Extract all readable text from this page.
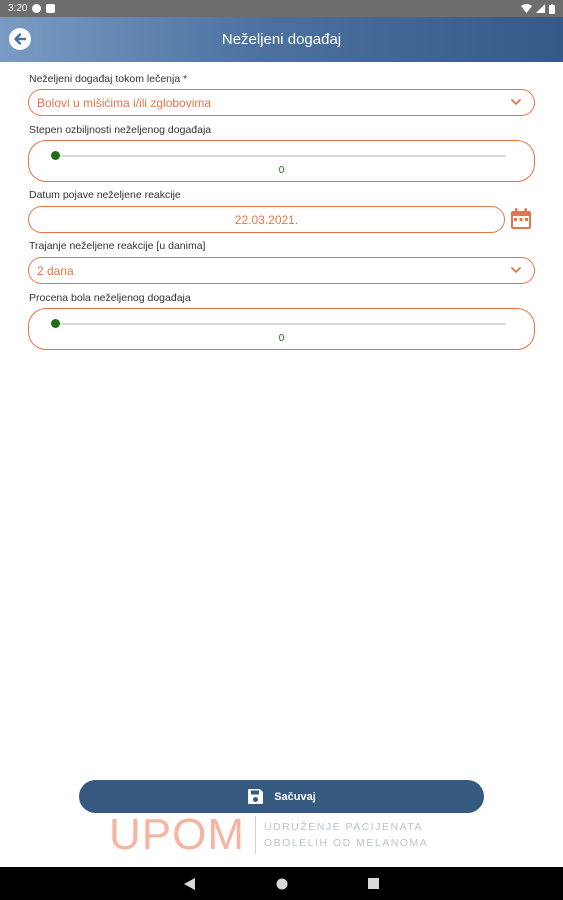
3:20
Neželjeni događaj
Neželjeni događaj tokom lečenja *
Bolovi u mišićima i/ili zglobovima
Stepen ozbiljnosti neželjenog događaja
0
Datum pojave neželjene reakcije
22.03.2021.
Trajanje neželjene reakcije [u danima]
2 dana
Procena bola neželjenog događaja
0
Sačuvaj
UPOM UDRUŽENJE PACIJENATA
OBOLELIH OD MELANOMA
